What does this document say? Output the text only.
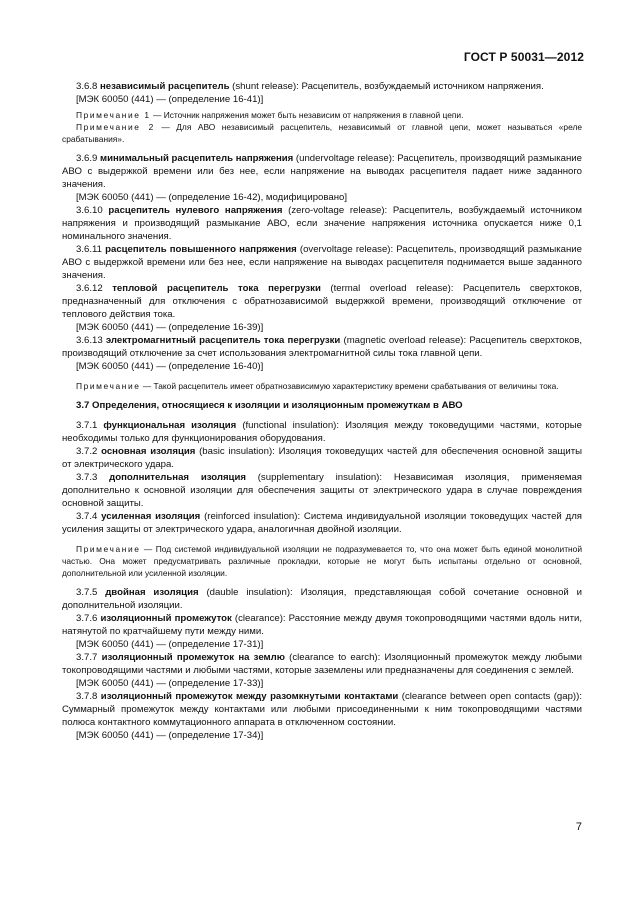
ГОСТ Р 50031—2012

3.6.8 независимый расцепитель (shunt release): Расцепитель, возбуждаемый источником напряжения.

[МЭК 60050 (441) — (определение 16-41)]

Примечание 1 — Источник напряжения может быть независим от напряжения в главной цепи.

Примечание 2 — Для АВО независимый расцепитель, независимый от главной цепи, может называться «реле срабатывания».

3.6.9 минимальный расцепитель напряжения (undervoltage release): Расцепитель, производящий размыкание АВО с выдержкой времени или без нее, если напряжение на выводах расцепителя падает ниже заданного значения.

[МЭК 60050 (441) — (определение 16-42), модифицировано]

3.6.10 расцепитель нулевого напряжения (zero-voltage release): Расцепитель, возбуждаемый источником напряжения и производящий размыкание АВО, если значение напряжения источника опускается ниже 0,1 номинального значения.

3.6.11 расцепитель повышенного напряжения (overvoltage release): Расцепитель, производящий размыкание АВО с выдержкой времени или без нее, если напряжение на выводах расцепителя поднимается выше заданного значения.

3.6.12 тепловой расцепитель тока перегрузки (termal overload release): Расцепитель сверхтоков, предназначенный для отключения с обратнозависимой выдержкой времени, производящий отключение от теплового действия тока.

[МЭК 60050 (441) — (определение 16-39)]

3.6.13 электромагнитный расцепитель тока перегрузки (magnetic overload release): Расцепитель сверхтоков, производящий отключение за счет использования электромагнитной силы тока главной цепи.

[МЭК 60050 (441) — (определение 16-40)]

Примечание — Такой расцепитель имеет обратнозависимую характеристику времени срабатывания от величины тока.

3.7 Определения, относящиеся к изоляции и изоляционным промежуткам в АВО

3.7.1 функциональная изоляция (functional insulation): Изоляция между токоведущими частями, которые необходимы только для функционирования оборудования.

3.7.2 основная изоляция (basic insulation): Изоляция токоведущих частей для обеспечения основной защиты от электрического удара.

3.7.3 дополнительная изоляция (supplementary insulation): Независимая изоляция, применяемая дополнительно к основной изоляции для обеспечения защиты от электрического удара в случае повреждения основной защиты.

3.7.4 усиленная изоляция (reinforced insulation): Система индивидуальной изоляции токоведущих частей для усиления защиты от электрического удара, аналогичная двойной изоляции.

Примечание — Под системой индивидуальной изоляции не подразумевается то, что она может быть единой монолитной частью. Она может предусматривать различные прокладки, которые не могут быть испытаны отдельно от основной, дополнительной или усиленной изоляции.

3.7.5 двойная изоляция (dauble insulation): Изоляция, представляющая собой сочетание основной и дополнительной изоляции.

3.7.6 изоляционный промежуток (clearance): Расстояние между двумя токопроводящими частями вдоль нити, натянутой по кратчайшему пути между ними.

[МЭК 60050 (441) — (определение 17-31)]

3.7.7 изоляционный промежуток на землю (clearance to earch): Изоляционный промежуток между любыми токопроводящими частями и любыми частями, которые заземлены или предназначены для соединения с землей.

[МЭК 60050 (441) — (определение 17-33)]

3.7.8 изоляционный промежуток между разомкнутыми контактами (clearance between open contacts (gap)): Суммарный промежуток между контактами или любыми присоединенными к ним токопроводящими частями полюса контактного коммутационного аппарата в отключенном состоянии.

[МЭК 60050 (441) — (определение 17-34)]

7
